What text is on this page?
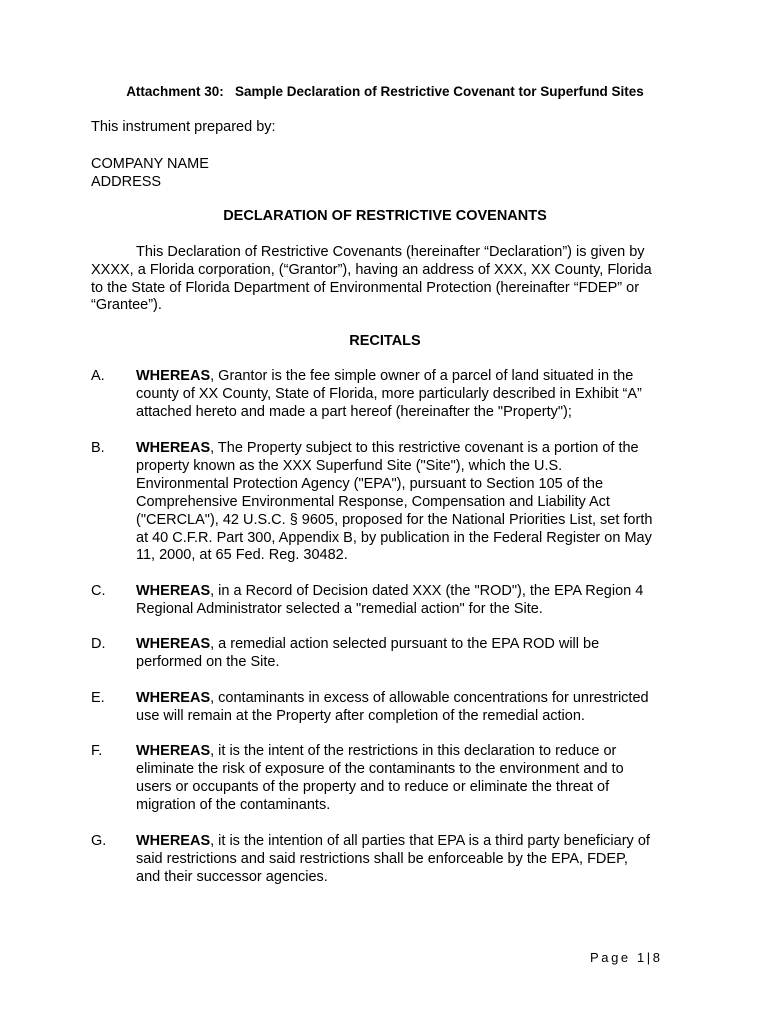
Attachment 30:   Sample Declaration of Restrictive Covenant tor Superfund Sites
This instrument prepared by:
COMPANY NAME
ADDRESS
DECLARATION OF RESTRICTIVE COVENANTS
This Declaration of Restrictive Covenants (hereinafter “Declaration”) is given by
XXXX, a Florida corporation, (“Grantor”), having an address of XXX, XX County, Florida
to the State of Florida Department of Environmental Protection (hereinafter “FDEP” or
“Grantee”).
RECITALS
A. WHEREAS, Grantor is the fee simple owner of a parcel of land situated in the
county of XX County, State of Florida, more particularly described in Exhibit “A”
attached hereto and made a part hereof (hereinafter the "Property");
B. WHEREAS, The Property subject to this restrictive covenant is a portion of the
property known as the XXX Superfund Site ("Site"), which the U.S.
Environmental Protection Agency ("EPA"), pursuant to Section 105 of the
Comprehensive Environmental Response, Compensation and Liability Act
("CERCLA"), 42 U.S.C. § 9605, proposed for the National Priorities List, set forth
at 40 C.F.R. Part 300, Appendix B, by publication in the Federal Register on May
11, 2000, at 65 Fed. Reg. 30482.
C. WHEREAS, in a Record of Decision dated XXX (the "ROD"), the EPA Region 4
Regional Administrator selected a "remedial action" for the Site.
D. WHEREAS, a remedial action selected pursuant to the EPA ROD will be
performed on the Site.
E. WHEREAS, contaminants in excess of allowable concentrations for unrestricted
use will remain at the Property after completion of the remedial action.
F. WHEREAS, it is the intent of the restrictions in this declaration to reduce or
eliminate the risk of exposure of the contaminants to the environment and to
users or occupants of the property and to reduce or eliminate the threat of
migration of the contaminants.
G. WHEREAS, it is the intention of all parties that EPA is a third party beneficiary of
said restrictions and said restrictions shall be enforceable by the EPA, FDEP,
and their successor agencies.
Page 1|8
